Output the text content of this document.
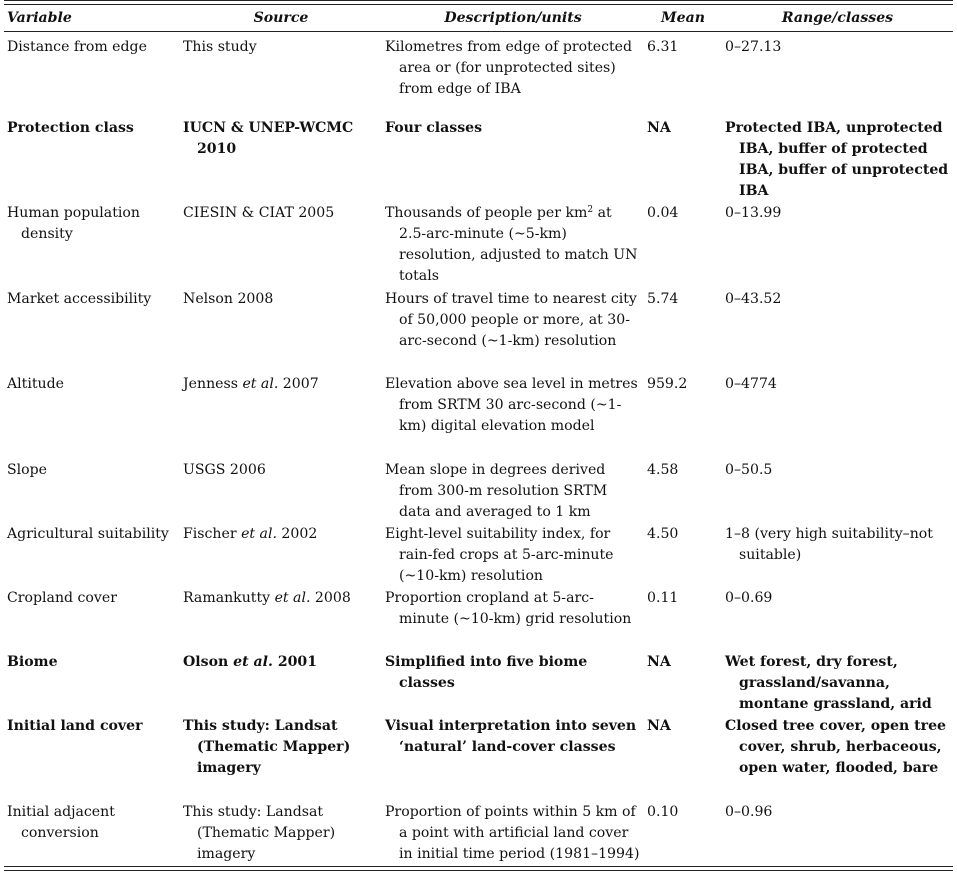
Variable	Source	Description/units	Mean	Range/classes

Distance from edge	This study	Kilometres from edge of protected area or (for unprotected sites) from edge of IBA	6.31	0–27.13

Protection class	IUCN & UNEP-WCMC 2010	Four classes	NA	Protected IBA, unprotected IBA, buffer of protected IBA, buffer of unprotected IBA

Human population density	CIESIN & CIAT 2005	Thousands of people per $km^2$ at 2.5-arc-minute (~5-km) resolution, adjusted to match UN totals	0.04	0–13.99

Market accessibility	Nelson 2008	Hours of travel time to nearest city of 50,000 people or more, at 30-arc-second (~1-km) resolution	5.74	0–43.52

Altitude	Jenness et al. 2007	Elevation above sea level in metres from SRTM 30 arc-second (~1-km) digital elevation model	959.2	0–4774

Slope	USGS 2006	Mean slope in degrees derived from 300-m resolution SRTM data and averaged to 1 km	4.58	0–50.5

Agricultural suitability	Fischer et al. 2002	Eight-level suitability index, for rain-fed crops at 5-arc-minute (~10-km) resolution	4.50	1–8 (very high suitability–not suitable)

Cropland cover	Ramankutty et al. 2008	Proportion cropland at 5-arc-minute (~10-km) grid resolution	0.11	0–0.69

Biome	Olson et al. 2001	Simplified into five biome classes	NA	Wet forest, dry forest, grassland/savanna, montane grassland, arid

Initial land cover	This study: Landsat (Thematic Mapper) imagery	Visual interpretation into seven ‘natural’ land-cover classes	NA	Closed tree cover, open tree cover, shrub, herbaceous, open water, flooded, bare

Initial adjacent conversion	This study: Landsat (Thematic Mapper) imagery	Proportion of points within 5 km of a point with artificial land cover in initial time period (1981–1994)	0.10	0–0.96
